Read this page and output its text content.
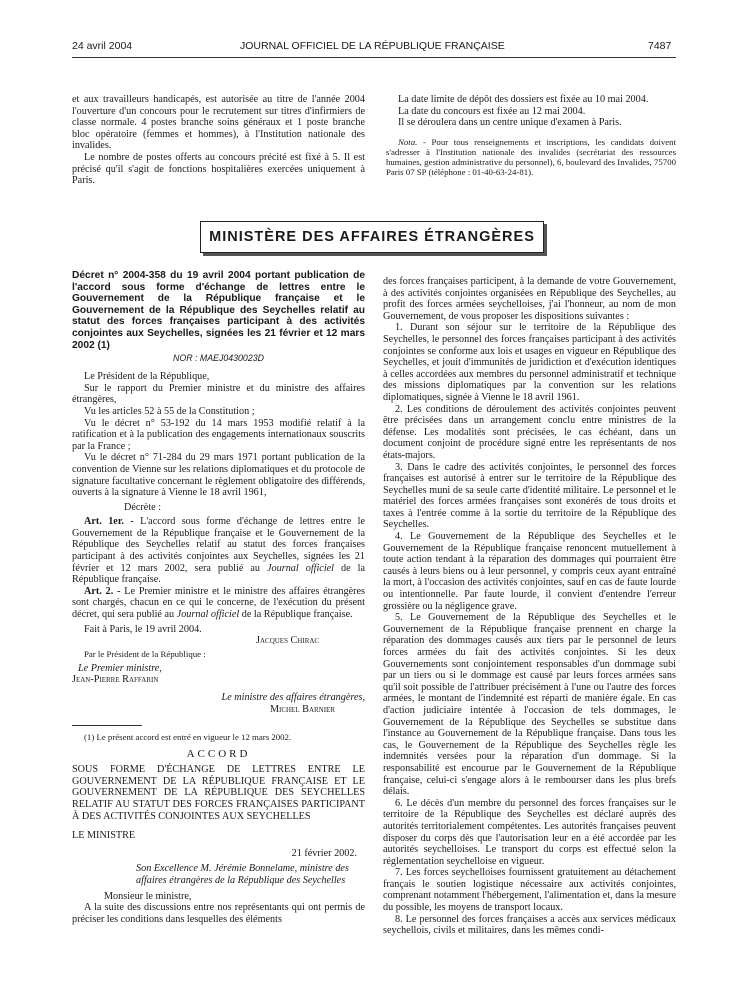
24 avril 2004	JOURNAL OFFICIEL DE LA RÉPUBLIQUE FRANÇAISE	7487

et aux travailleurs handicapés, est autorisée au titre de l'année 2004 l'ouverture d'un concours pour le recrutement sur titres d'infirmiers de classe normale. 4 postes branche soins généraux et 1 poste branche bloc opératoire (femmes et hommes), à l'Institution nationale des invalides.

Le nombre de postes offerts au concours précité est fixé à 5. Il est précisé qu'il s'agit de fonctions hospitalières exercées uniquement à Paris.

La date limite de dépôt des dossiers est fixée au 10 mai 2004.

La date du concours est fixée au 12 mai 2004.

Il se déroulera dans un centre unique d'examen à Paris.

Nota. - Pour tous renseignements et inscriptions, les candidats doivent s'adresser à l'Institution nationale des invalides (secrétariat des ressources humaines, gestion administrative du personnel), 6, boulevard des Invalides, 75700 Paris 07 SP (téléphone : 01-40-63-24-81).

MINISTÈRE DES AFFAIRES ÉTRANGÈRES

Décret n° 2004-358 du 19 avril 2004 portant publication de l'accord sous forme d'échange de lettres entre le Gouvernement de la République française et le Gouvernement de la République des Seychelles relatif au statut des forces françaises participant à des activités conjointes aux Seychelles, signées les 21 février et 12 mars 2002 (1)

NOR : MAEJ0430023D

Le Président de la République,

Sur le rapport du Premier ministre et du ministre des affaires étrangères,

Vu les articles 52 à 55 de la Constitution ;

Vu le décret n° 53-192 du 14 mars 1953 modifié relatif à la ratification et à la publication des engagements internationaux souscrits par la France ;

Vu le décret n° 71-284 du 29 mars 1971 portant publication de la convention de Vienne sur les relations diplomatiques et du protocole de signature facultative concernant le règlement obligatoire des différends, ouverts à la signature à Vienne le 18 avril 1961,

Décrète :

Art. 1er. - L'accord sous forme d'échange de lettres entre le Gouvernement de la République française et le Gouvernement de la République des Seychelles relatif au statut des forces françaises participant à des activités conjointes aux Seychelles, signées les 21 février et 12 mars 2002, sera publié au Journal officiel de la République française.

Art. 2. - Le Premier ministre et le ministre des affaires étrangères sont chargés, chacun en ce qui le concerne, de l'exécution du présent décret, qui sera publié au Journal officiel de la République française.

Fait à Paris, le 19 avril 2004.

Jacques Chirac

Par le Président de la République :

Le Premier ministre,

Jean-Pierre Raffarin

Le ministre des affaires étrangères,

Michel Barnier

(1) Le présent accord est entré en vigueur le 12 mars 2002.

ACCORD

SOUS FORME D'ÉCHANGE DE LETTRES ENTRE LE GOUVERNEMENT DE LA RÉPUBLIQUE FRANÇAISE ET LE GOUVERNEMENT DE LA RÉPUBLIQUE DES SEYCHELLES RELATIF AU STATUT DES FORCES FRANÇAISES PARTICIPANT À DES ACTIVITÉS CONJOINTES AUX SEYCHELLES

LE MINISTRE

21 février 2002.

Son Excellence M. Jérémie Bonnelame, ministre des affaires étrangères de la République des Seychelles

Monsieur le ministre,

A la suite des discussions entre nos représentants qui ont permis de préciser les conditions dans lesquelles des éléments

des forces françaises participent, à la demande de votre Gouvernement, à des activités conjointes organisées en République des Seychelles, au profit des forces armées seychelloises, j'ai l'honneur, au nom de mon Gouvernement, de vous proposer les dispositions suivantes :

1. Durant son séjour sur le territoire de la République des Seychelles, le personnel des forces françaises participant à des activités conjointes se conforme aux lois et usages en vigueur en République des Seychelles, et jouit d'immunités de juridiction et d'exécution identiques à celles accordées aux membres du personnel administratif et technique des missions diplomatiques par la convention sur les relations diplomatiques, signée à Vienne le 18 avril 1961.

2. Les conditions de déroulement des activités conjointes peuvent être précisées dans un arrangement conclu entre ministres de la défense. Les modalités sont précisées, le cas échéant, dans un document conjoint de procédure signé entre les représentants de nos états-majors.

3. Dans le cadre des activités conjointes, le personnel des forces françaises est autorisé à entrer sur le territoire de la République des Seychelles muni de sa seule carte d'identité militaire. Le personnel et le matériel des forces armées françaises sont exonérés de tous droits et taxes à l'entrée comme à la sortie du territoire de la République des Seychelles.

4. Le Gouvernement de la République des Seychelles et le Gouvernement de la République française renoncent mutuellement à toute action tendant à la réparation des dommages qui pourraient être causés à leurs biens ou à leur personnel, y compris ceux ayant entraîné la mort, à l'occasion des activités conjointes, sauf en cas de faute lourde ou intentionnelle. Par faute lourde, il convient d'entendre l'erreur grossière ou la négligence grave.

5. Le Gouvernement de la République des Seychelles et le Gouvernement de la République française prennent en charge la réparation des dommages causés aux tiers par le personnel de leurs forces armées du fait des activités conjointes. Si les deux Gouvernements sont conjointement responsables d'un dommage subi par un tiers ou si le dommage est causé par leurs forces armées sans qu'il soit possible de l'attribuer précisément à l'une ou l'autre des forces armées, le montant de l'indemnité est réparti de manière égale. En cas d'action judiciaire intentée à l'occasion de tels dommages, le Gouvernement de la République des Seychelles se substitue dans l'instance au Gouvernement de la République française. Dans tous les cas, le Gouvernement de la République des Seychelles règle les indemnités versées pour la réparation d'un dommage. Si la responsabilité est encourue par le Gouvernement de la République française, celui-ci s'engage alors à le rembourser dans les plus brefs délais.

6. Le décès d'un membre du personnel des forces françaises sur le territoire de la République des Seychelles est déclaré auprès des autorités territorialement compétentes. Les autorités françaises peuvent disposer du corps dès que l'autorisation leur en a été accordée par les autorités seychelloises. Le transport du corps est effectué selon la réglementation seychelloise en vigueur.

7. Les forces seychelloises fournissent gratuitement au détachement français le soutien logistique nécessaire aux activités conjointes, comprenant notamment l'hébergement, l'alimentation et, dans la mesure du possible, les moyens de transport locaux.

8. Le personnel des forces françaises a accès aux services médicaux seychellois, civils et militaires, dans les mêmes condi-
